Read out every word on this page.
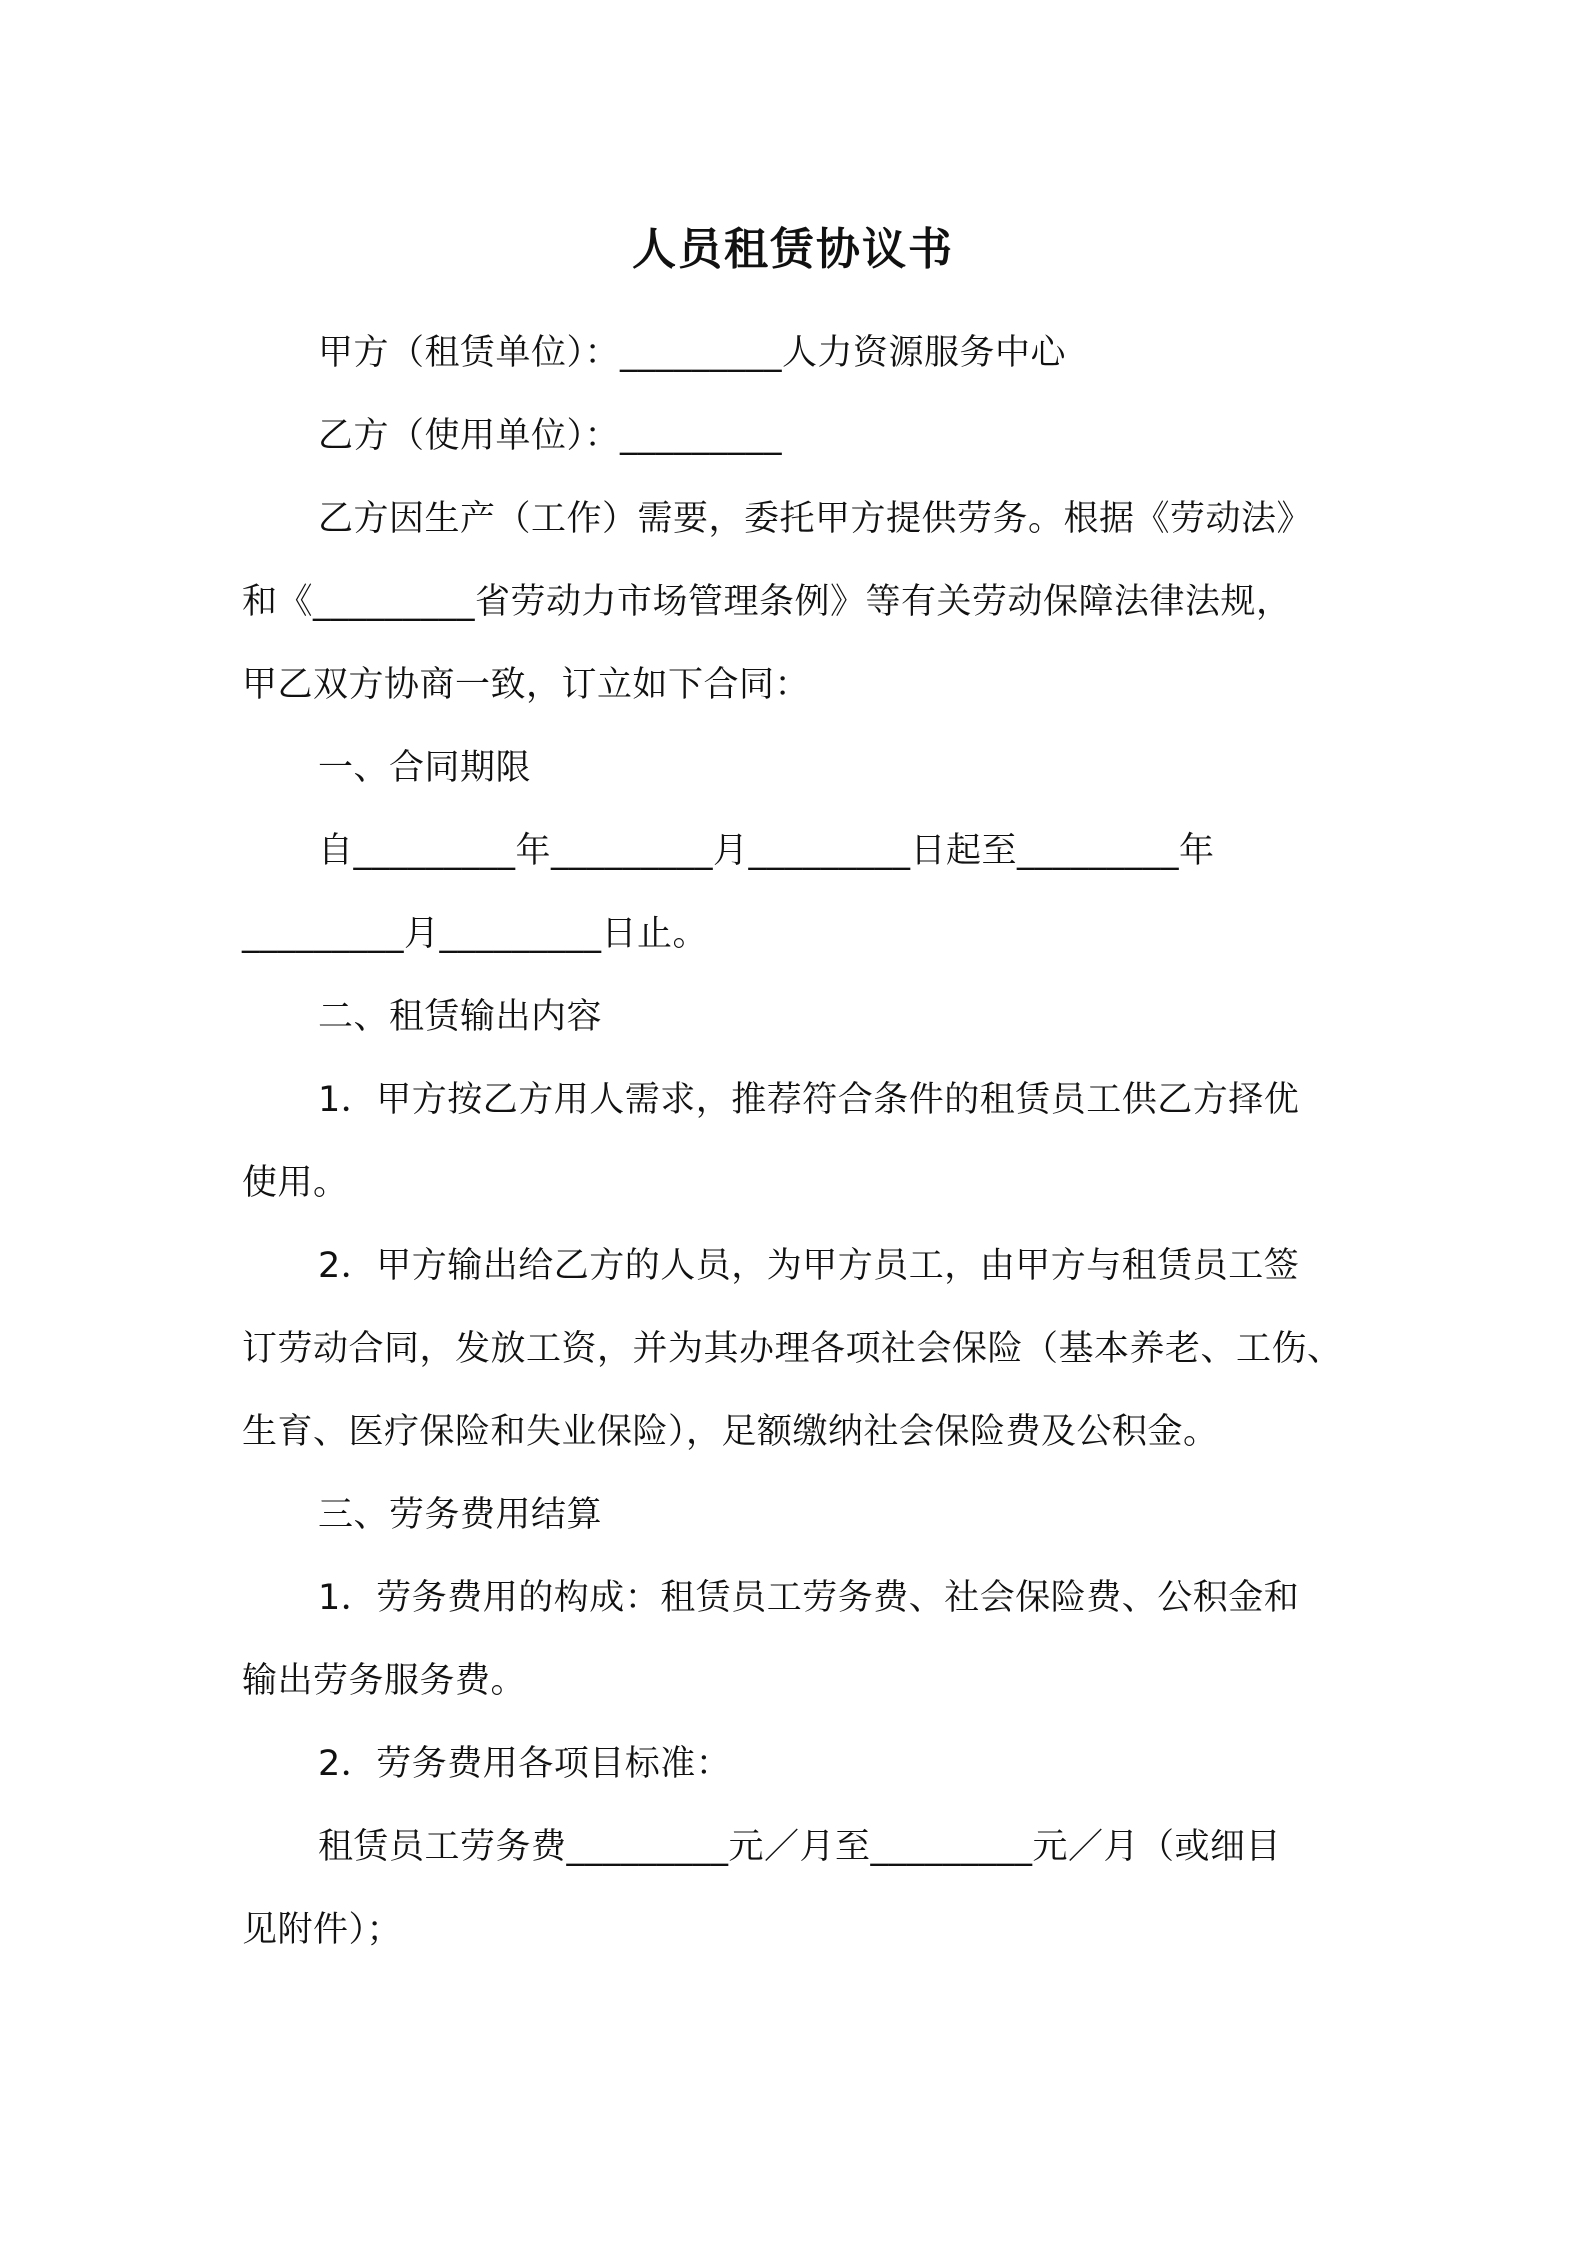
人员租赁协议书
甲方（租赁单位）：_________人力资源服务中心
乙方（使用单位）：_________
乙方因生产（工作）需要，委托甲方提供劳务。根据《劳动法》
和《_________省劳动力市场管理条例》等有关劳动保障法律法规，
甲乙双方协商一致，订立如下合同：
一、合同期限
自_________年_________月_________日起至_________年
_________月_________日止。
二、租赁输出内容
1．甲方按乙方用人需求，推荐符合条件的租赁员工供乙方择优
使用。
2．甲方输出给乙方的人员，为甲方员工，由甲方与租赁员工签
订劳动合同，发放工资，并为其办理各项社会保险（基本养老、工伤、
生育、医疗保险和失业保险），足额缴纳社会保险费及公积金。
三、劳务费用结算
1．劳务费用的构成：租赁员工劳务费、社会保险费、公积金和
输出劳务服务费。
2．劳务费用各项目标准：
租赁员工劳务费_________元／月至_________元／月（或细目
见附件）；
